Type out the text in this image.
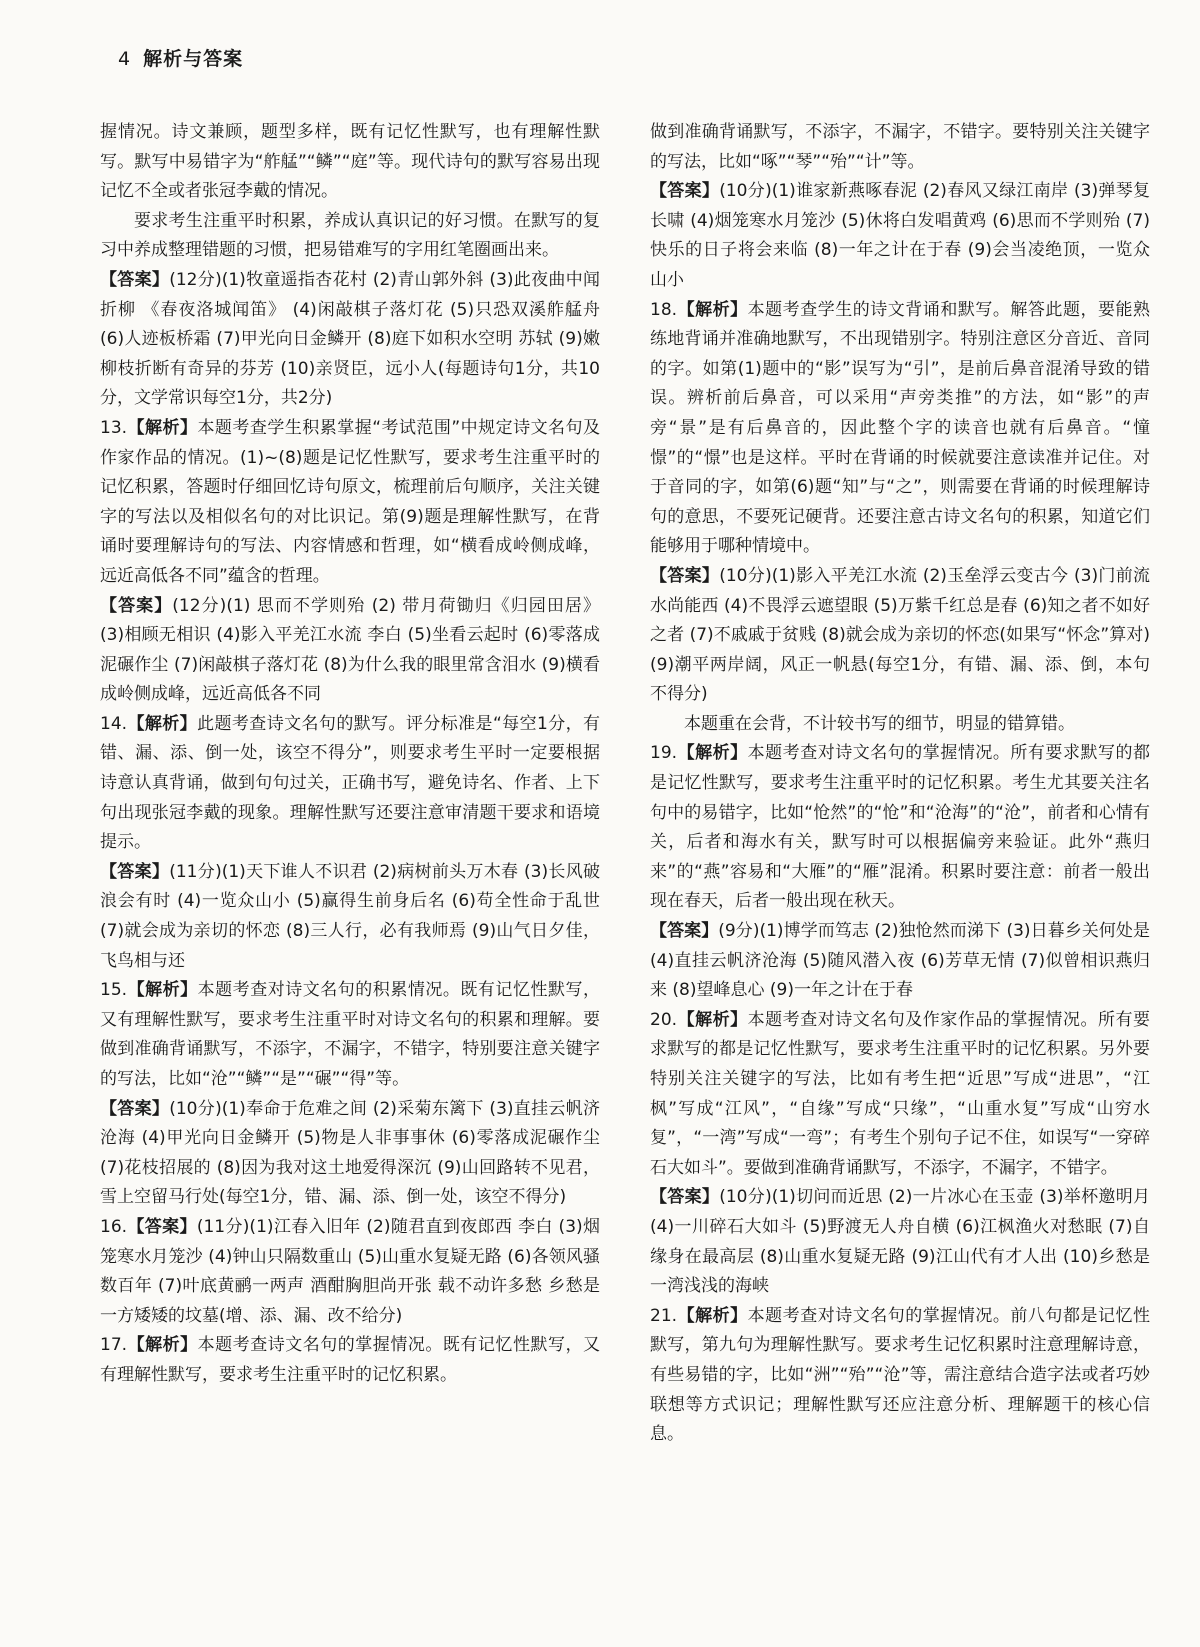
4 解析与答案

握情况。诗文兼顾，题型多样，既有记忆性默写，也有理解性默写。默写中易错字为“舴艋”“鳞”“庭”等。现代诗句的默写容易出现记忆不全或者张冠李戴的情况。

要求考生注重平时积累，养成认真识记的好习惯。在默写的复习中养成整理错题的习惯，把易错难写的字用红笔圈画出来。

【答案】(12分)(1)牧童遥指杏花村 (2)青山郭外斜 (3)此夜曲中闻折柳 《春夜洛城闻笛》 (4)闲敲棋子落灯花 (5)只恐双溪舴艋舟 (6)人迹板桥霜 (7)甲光向日金鳞开 (8)庭下如积水空明 苏轼 (9)嫩柳枝折断有奇异的芬芳 (10)亲贤臣，远小人(每题诗句1分，共10分，文学常识每空1分，共2分)

13.【解析】本题考查学生积累掌握“考试范围”中规定诗文名句及作家作品的情况。(1)~(8)题是记忆性默写，要求考生注重平时的记忆积累，答题时仔细回忆诗句原文，梳理前后句顺序，关注关键字的写法以及相似名句的对比识记。第(9)题是理解性默写，在背诵时要理解诗句的写法、内容情感和哲理，如“横看成岭侧成峰，远近高低各不同”蕴含的哲理。

【答案】(12分)(1) 思而不学则殆 (2) 带月荷锄归《归园田居》 (3)相顾无相识 (4)影入平羌江水流 李白 (5)坐看云起时 (6)零落成泥碾作尘 (7)闲敲棋子落灯花 (8)为什么我的眼里常含泪水 (9)横看成岭侧成峰，远近高低各不同

14.【解析】此题考查诗文名句的默写。评分标准是“每空1分，有错、漏、添、倒一处，该空不得分”，则要求考生平时一定要根据诗意认真背诵，做到句句过关，正确书写，避免诗名、作者、上下句出现张冠李戴的现象。理解性默写还要注意审清题干要求和语境提示。

【答案】(11分)(1)天下谁人不识君 (2)病树前头万木春 (3)长风破浪会有时 (4)一览众山小 (5)赢得生前身后名 (6)苟全性命于乱世 (7)就会成为亲切的怀恋 (8)三人行，必有我师焉 (9)山气日夕佳，飞鸟相与还

15.【解析】本题考查对诗文名句的积累情况。既有记忆性默写，又有理解性默写，要求考生注重平时对诗文名句的积累和理解。要做到准确背诵默写，不添字，不漏字，不错字，特别要注意关键字的写法，比如“沧”“鳞”“是”“碾”“得”等。

【答案】(10分)(1)奉命于危难之间 (2)采菊东篱下 (3)直挂云帆济沧海 (4)甲光向日金鳞开 (5)物是人非事事休 (6)零落成泥碾作尘 (7)花枝招展的 (8)因为我对这土地爱得深沉 (9)山回路转不见君，雪上空留马行处(每空1分，错、漏、添、倒一处，该空不得分)

16.【答案】(11分)(1)江春入旧年 (2)随君直到夜郎西 李白 (3)烟笼寒水月笼沙 (4)钟山只隔数重山 (5)山重水复疑无路 (6)各领风骚数百年 (7)叶底黄鹂一两声 酒酣胸胆尚开张 载不动许多愁 乡愁是一方矮矮的坟墓(增、添、漏、改不给分)

17.【解析】本题考查诗文名句的掌握情况。既有记忆性默写，又有理解性默写，要求考生注重平时的记忆积累。

做到准确背诵默写，不添字，不漏字，不错字。要特别关注关键字的写法，比如“啄”“琴”“殆”“计”等。

【答案】(10分)(1)谁家新燕啄春泥 (2)春风又绿江南岸 (3)弹琴复长啸 (4)烟笼寒水月笼沙 (5)休将白发唱黄鸡 (6)思而不学则殆 (7)快乐的日子将会来临 (8)一年之计在于春 (9)会当凌绝顶，一览众山小

18.【解析】本题考查学生的诗文背诵和默写。解答此题，要能熟练地背诵并准确地默写，不出现错别字。特别注意区分音近、音同的字。如第(1)题中的“影”误写为“引”，是前后鼻音混淆导致的错误。辨析前后鼻音，可以采用“声旁类推”的方法，如“影”的声旁“景”是有后鼻音的，因此整个字的读音也就有后鼻音。“憧憬”的“憬”也是这样。平时在背诵的时候就要注意读准并记住。对于音同的字，如第(6)题“知”与“之”，则需要在背诵的时候理解诗句的意思，不要死记硬背。还要注意古诗文名句的积累，知道它们能够用于哪种情境中。

【答案】(10分)(1)影入平羌江水流 (2)玉垒浮云变古今 (3)门前流水尚能西 (4)不畏浮云遮望眼 (5)万紫千红总是春 (6)知之者不如好之者 (7)不戚戚于贫贱 (8)就会成为亲切的怀恋(如果写“怀念”算对) (9)潮平两岸阔，风正一帆悬(每空1分，有错、漏、添、倒，本句不得分)

本题重在会背，不计较书写的细节，明显的错算错。

19.【解析】本题考查对诗文名句的掌握情况。所有要求默写的都是记忆性默写，要求考生注重平时的记忆积累。考生尤其要关注名句中的易错字，比如“怆然”的“怆”和“沧海”的“沧”，前者和心情有关，后者和海水有关，默写时可以根据偏旁来验证。此外“燕归来”的“燕”容易和“大雁”的“雁”混淆。积累时要注意：前者一般出现在春天，后者一般出现在秋天。

【答案】(9分)(1)博学而笃志 (2)独怆然而涕下 (3)日暮乡关何处是 (4)直挂云帆济沧海 (5)随风潜入夜 (6)芳草无情 (7)似曾相识燕归来 (8)望峰息心 (9)一年之计在于春

20.【解析】本题考查对诗文名句及作家作品的掌握情况。所有要求默写的都是记忆性默写，要求考生注重平时的记忆积累。另外要特别关注关键字的写法，比如有考生把“近思”写成“进思”，“江枫”写成“江风”，“自缘”写成“只缘”，“山重水复”写成“山穷水复”，“一湾”写成“一弯”；有考生个别句子记不住，如误写“一穿碎石大如斗”。要做到准确背诵默写，不添字，不漏字，不错字。

【答案】(10分)(1)切问而近思 (2)一片冰心在玉壶 (3)举杯邀明月 (4)一川碎石大如斗 (5)野渡无人舟自横 (6)江枫渔火对愁眠 (7)自缘身在最高层 (8)山重水复疑无路 (9)江山代有才人出 (10)乡愁是一湾浅浅的海峡

21.【解析】本题考查对诗文名句的掌握情况。前八句都是记忆性默写，第九句为理解性默写。要求考生记忆积累时注意理解诗意，有些易错的字，比如“洲”“殆”“沧”等，需注意结合造字法或者巧妙联想等方式识记；理解性默写还应注意分析、理解题干的核心信息。
